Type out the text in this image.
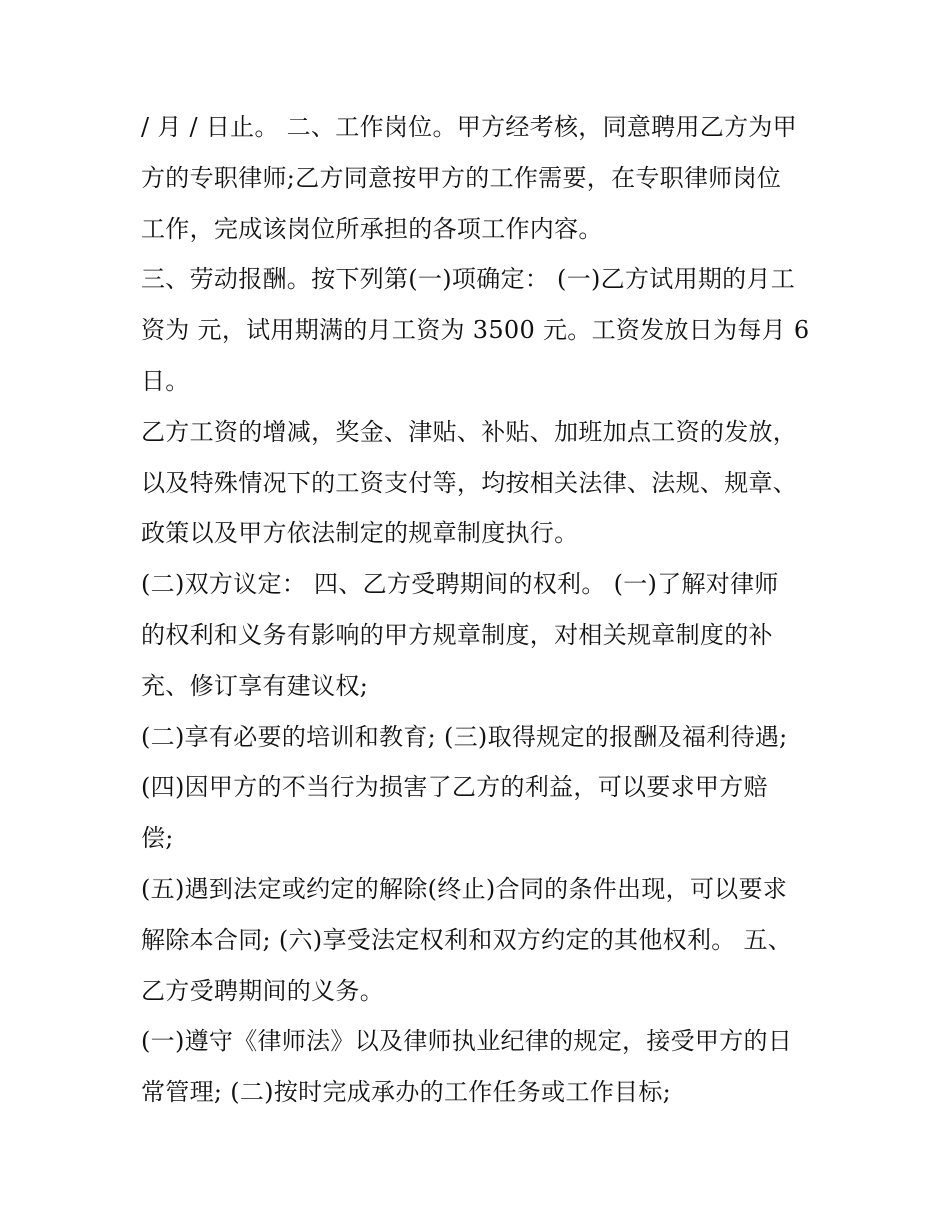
/ 月 / 日止。 二、工作岗位。甲方经考核，同意聘用乙方为甲
方的专职律师;乙方同意按甲方的工作需要，在专职律师岗位
工作，完成该岗位所承担的各项工作内容。

三、劳动报酬。按下列第(一)项确定： (一)乙方试用期的月工
资为 元，试用期满的月工资为 3500 元。工资发放日为每月 6
日。

乙方工资的增减，奖金、津贴、补贴、加班加点工资的发放，
以及特殊情况下的工资支付等，均按相关法律、法规、规章、
政策以及甲方依法制定的规章制度执行。

(二)双方议定： 四、乙方受聘期间的权利。 (一)了解对律师
的权利和义务有影响的甲方规章制度，对相关规章制度的补
充、修订享有建议权;

(二)享有必要的培训和教育; (三)取得规定的报酬及福利待遇;

(四)因甲方的不当行为损害了乙方的利益，可以要求甲方赔
偿;

(五)遇到法定或约定的解除(终止)合同的条件出现，可以要求
解除本合同; (六)享受法定权利和双方约定的其他权利。 五、
乙方受聘期间的义务。

(一)遵守《律师法》以及律师执业纪律的规定，接受甲方的日
常管理; (二)按时完成承办的工作任务或工作目标;
